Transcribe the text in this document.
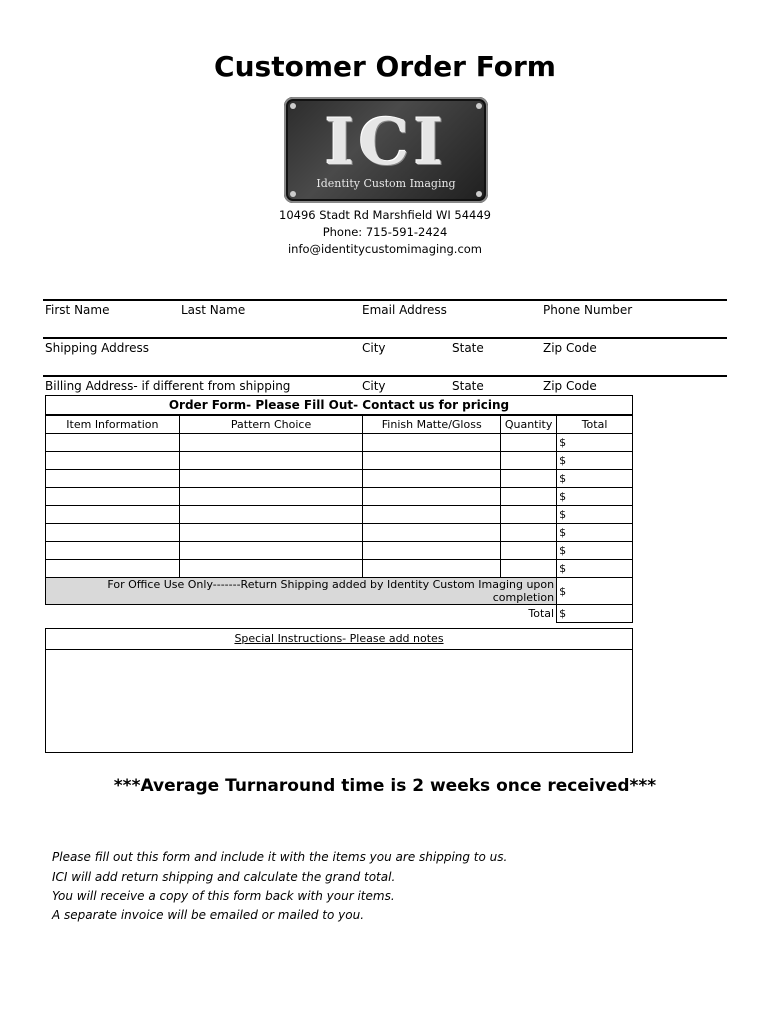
Customer Order Form
ICI
Identity Custom Imaging
10496 Stadt Rd Marshfield WI 54449
Phone: 715-591-2424
info@identitycustomimaging.com
First Name	Last Name	Email Address	Phone Number
Shipping Address	City	State	Zip Code
Billing Address- if different from shipping	City	State	Zip Code

Item Information	Pattern Choice	Finish Matte/Gloss	Quantity	Total
				$
				$
				$
				$
				$
				$
				$
				$
For Office Use Only-------Return Shipping added by Identity Custom Imaging upon completion				$
Total				$
Order Form- Please Fill Out- Contact us for pricing
Special Instructions- Please add notes
***Average Turnaround time is 2 weeks once received***
Please fill out this form and include it with the items you are shipping to us.
ICI will add return shipping and calculate the grand total.
You will receive a copy of this form back with your items.
A separate invoice will be emailed or mailed to you.
